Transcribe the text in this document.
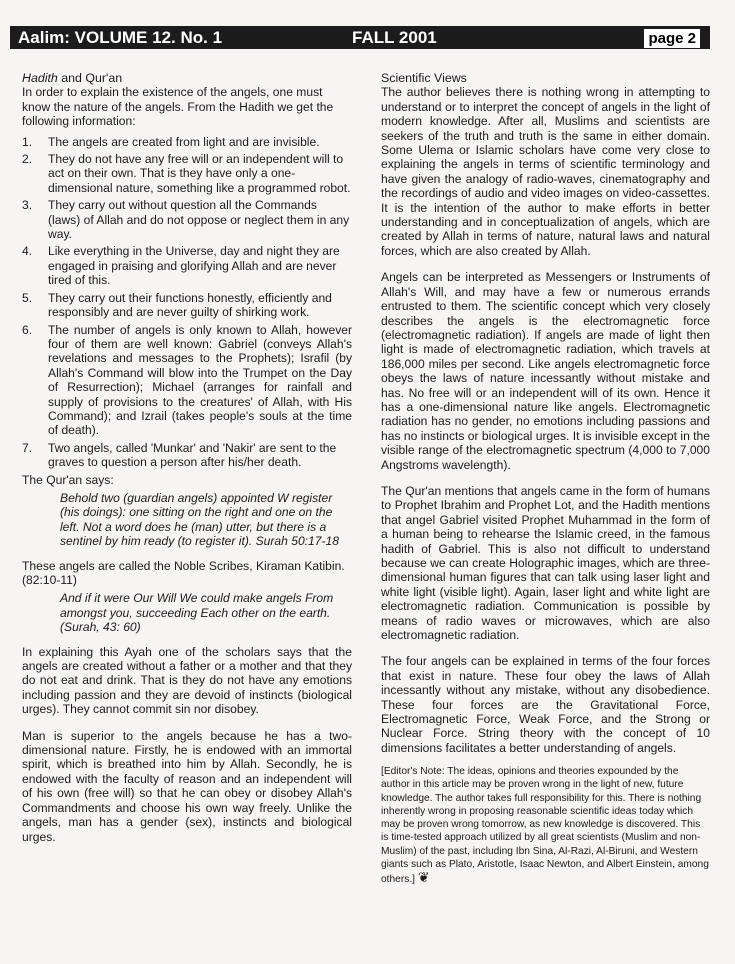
Aalim: VOLUME 12. No. 1	FALL 2001	page 2

Hadith and Qur'an

In order to explain the existence of the angels, one must know the nature of the angels. From the Hadith we get the following information:

1. The angels are created from light and are invisible.
2. They do not have any free will or an independent will to act on their own. That is they have only a one-dimensional nature, something like a programmed robot.
3. They carry out without question all the Commands (laws) of Allah and do not oppose or neglect them in any way.
4. Like everything in the Universe, day and night they are engaged in praising and glorifying Allah and are never tired of this.
5. They carry out their functions honestly, efficiently and responsibly and are never guilty of shirking work.
6. The number of angels is only known to Allah, however four of them are well known: Gabriel (conveys Allah's revelations and messages to the Prophets); Israfil (by Allah's Command will blow into the Trumpet on the Day of Resurrection); Michael (arranges for rainfall and supply of provisions to the creatures' of Allah, with His Command); and Izrail (takes people's souls at the time of death).
7. Two angels, called 'Munkar' and 'Nakir' are sent to the graves to question a person after his/her death.

The Qur'an says:

Behold two (guardian angels) appointed W register (his doings): one sitting on the right and one on the left. Not a word does he (man) utter, but there is a sentinel by him ready (to register it). Surah 50:17-18

These angels are called the Noble Scribes, Kiraman Katibin. (82:10-11)

And if it were Our Will We could make angels From amongst you, succeeding Each other on the earth. (Surah, 43: 60)

In explaining this Ayah one of the scholars says that the angels are created without a father or a mother and that they do not eat and drink. That is they do not have any emotions including passion and they are devoid of instincts (biological urges). They cannot commit sin nor disobey.

Man is superior to the angels because he has a two-dimensional nature. Firstly, he is endowed with an immortal spirit, which is breathed into him by Allah. Secondly, he is endowed with the faculty of reason and an independent will of his own (free will) so that he can obey or disobey Allah's Commandments and choose his own way freely. Unlike the angels, man has a gender (sex), instincts and biological urges.

Scientific Views

The author believes there is nothing wrong in attempting to understand or to interpret the concept of angels in the light of modern knowledge. After all, Muslims and scientists are seekers of the truth and truth is the same in either domain. Some Ulema or Islamic scholars have come very close to explaining the angels in terms of scientific terminology and have given the analogy of radio-waves, cinematography and the recordings of audio and video images on video-cassettes. It is the intention of the author to make efforts in better understanding and in conceptualization of angels, which are created by Allah in terms of nature, natural laws and natural forces, which are also created by Allah.

Angels can be interpreted as Messengers or Instruments of Allah's Will, and may have a few or numerous errands entrusted to them. The scientific concept which very closely describes the angels is the electromagnetic force (electromagnetic radiation). If angels are made of light then light is made of electromagnetic radiation, which travels at 186,000 miles per second. Like angels electromagnetic force obeys the laws of nature incessantly without mistake and has. No free will or an independent will of its own. Hence it has a one-dimensional nature like angels. Electromagnetic radiation has no gender, no emotions including passions and has no instincts or biological urges. It is invisible except in the visible range of the electromagnetic spectrum (4,000 to 7,000 Angstroms wavelength).

The Qur'an mentions that angels came in the form of humans to Prophet Ibrahim and Prophet Lot, and the Hadith mentions that angel Gabriel visited Prophet Muhammad in the form of a human being to rehearse the Islamic creed, in the famous hadith of Gabriel. This is also not difficult to understand because we can create Holographic images, which are three-dimensional human figures that can talk using laser light and white light (visible light). Again, laser light and white light are electromagnetic radiation. Communication is possible by means of radio waves or microwaves, which are also electromagnetic radiation.

The four angels can be explained in terms of the four forces that exist in nature. These four obey the laws of Allah incessantly without any mistake, without any disobedience. These four forces are the Gravitational Force, Electromagnetic Force, Weak Force, and the Strong or Nuclear Force. String theory with the concept of 10 dimensions facilitates a better understanding of angels.

[Editor's Note: The ideas, opinions and theories expounded by the author in this article may be proven wrong in the light of new, future knowledge. The author takes full responsibility for this. There is nothing inherently wrong in proposing reasonable scientific ideas today which may be proven wrong tomorrow, as new knowledge is discovered. This is time-tested approach utilized by all great scientists (Muslim and non-Muslim) of the past, including Ibn Sina, Al-Razi, Al-Biruni, and Western giants such as Plato, Aristotle, Isaac Newton, and Albert Einstein, among others.] ❦
